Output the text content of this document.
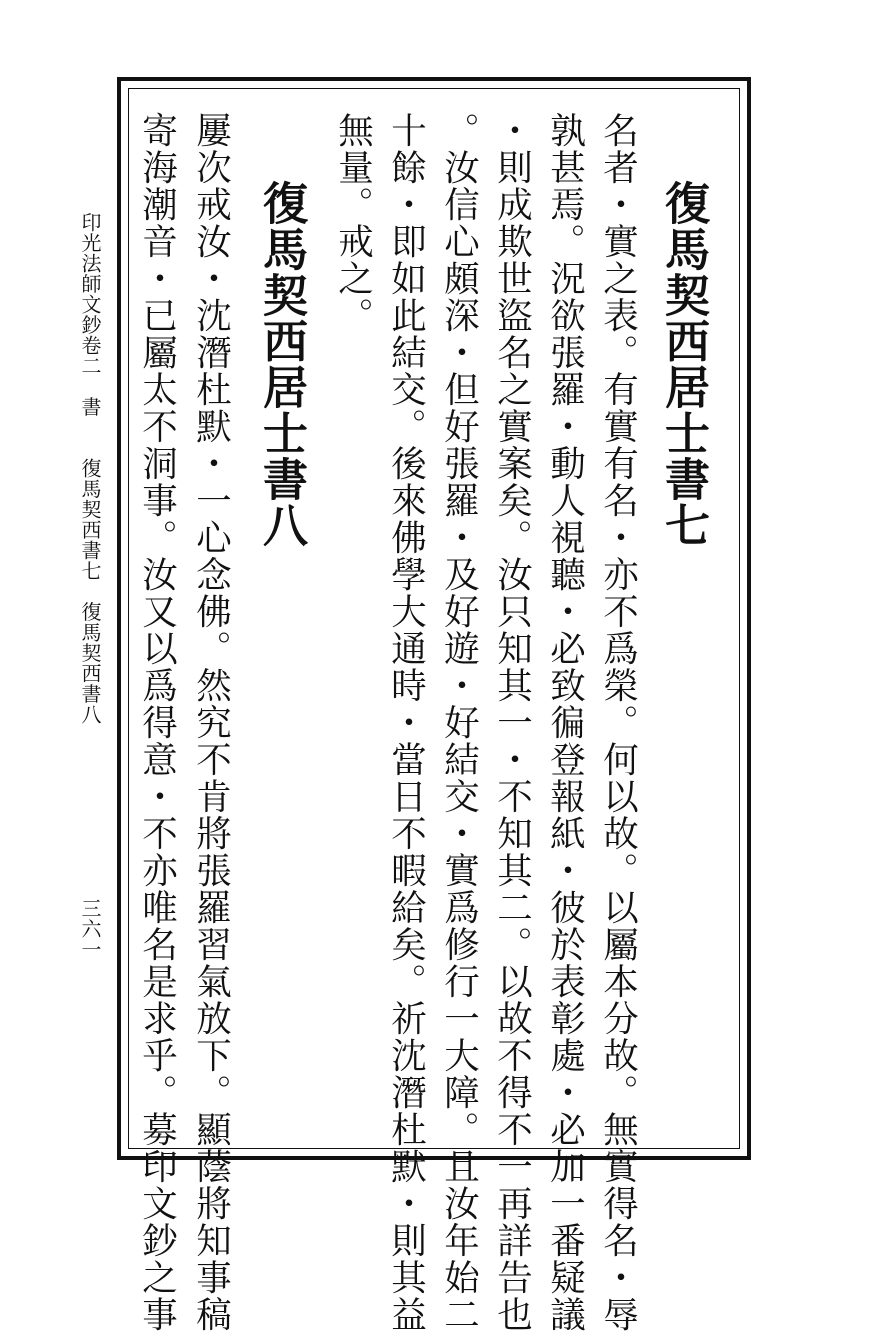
復馬契西居士書七
名者・實之表。有實有名・亦不爲榮。何以故。以屬本分故。無實得名・辱
孰甚焉。況欲張羅・動人視聽・必致徧登報紙・彼於表彰處・必加一番疑議
・則成欺世盜名之實案矣。汝只知其一・不知其二。以故不得不一再詳告也
。汝信心頗深・但好張羅・及好遊・好結交・實爲修行一大障。且汝年始二
十餘・即如此結交。後來佛學大通時・當日不暇給矣。祈沈潛杜默・則其益
無量。戒之。
復馬契西居士書八
屢次戒汝・沈潛杜默・一心念佛。然究不肯將張羅習氣放下。顯蔭將知事稿
寄海潮音・已屬太不洞事。汝又以爲得意・不亦唯名是求乎。募印文鈔之事
印光法師文鈔卷二　書　　復馬契西書七　復馬契西書八
三六一
